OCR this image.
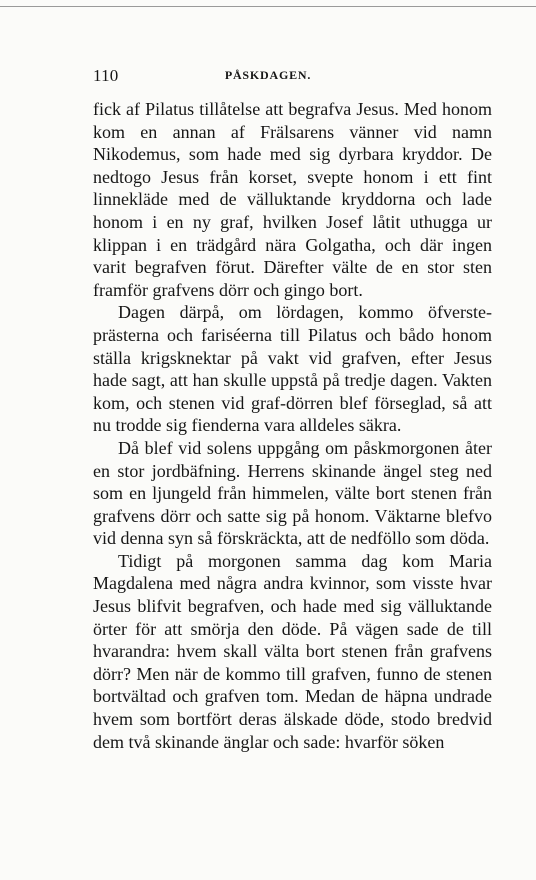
110	PÅSKDAGEN.

fick af Pilatus tillåtelse att begrafva Jesus. Med honom kom en annan af Frälsarens vänner vid namn Nikodemus, som hade med sig dyrbara kryddor. De nedtogo Jesus från korset, svepte honom i ett fint linnekläde med de välluktande kryddorna och lade honom i en ny graf, hvilken Josef låtit uthugga ur klippan i en trädgård nära Golgatha, och där ingen varit begrafven förut. Därefter välte de en stor sten framför grafvens dörr och gingo bort.

Dagen därpå, om lördagen, kommo öfverste-prästerna och fariséerna till Pilatus och bådo honom ställa krigsknektar på vakt vid grafven, efter Jesus hade sagt, att han skulle uppstå på tredje dagen. Vakten kom, och stenen vid graf-dörren blef förseglad, så att nu trodde sig fienderna vara alldeles säkra.

Då blef vid solens uppgång om påskmorgonen åter en stor jordbäfning. Herrens skinande ängel steg ned som en ljungeld från himmelen, välte bort stenen från grafvens dörr och satte sig på honom. Väktarne blefvo vid denna syn så förskräckta, att de nedföllo som döda.

Tidigt på morgonen samma dag kom Maria Magdalena med några andra kvinnor, som visste hvar Jesus blifvit begrafven, och hade med sig välluktande örter för att smörja den döde. På vägen sade de till hvarandra: hvem skall välta bort stenen från grafvens dörr? Men när de kommo till grafven, funno de stenen bortvältad och grafven tom. Medan de häpna undrade hvem som bortfört deras älskade döde, stodo bredvid dem två skinande änglar och sade: hvarför söken
